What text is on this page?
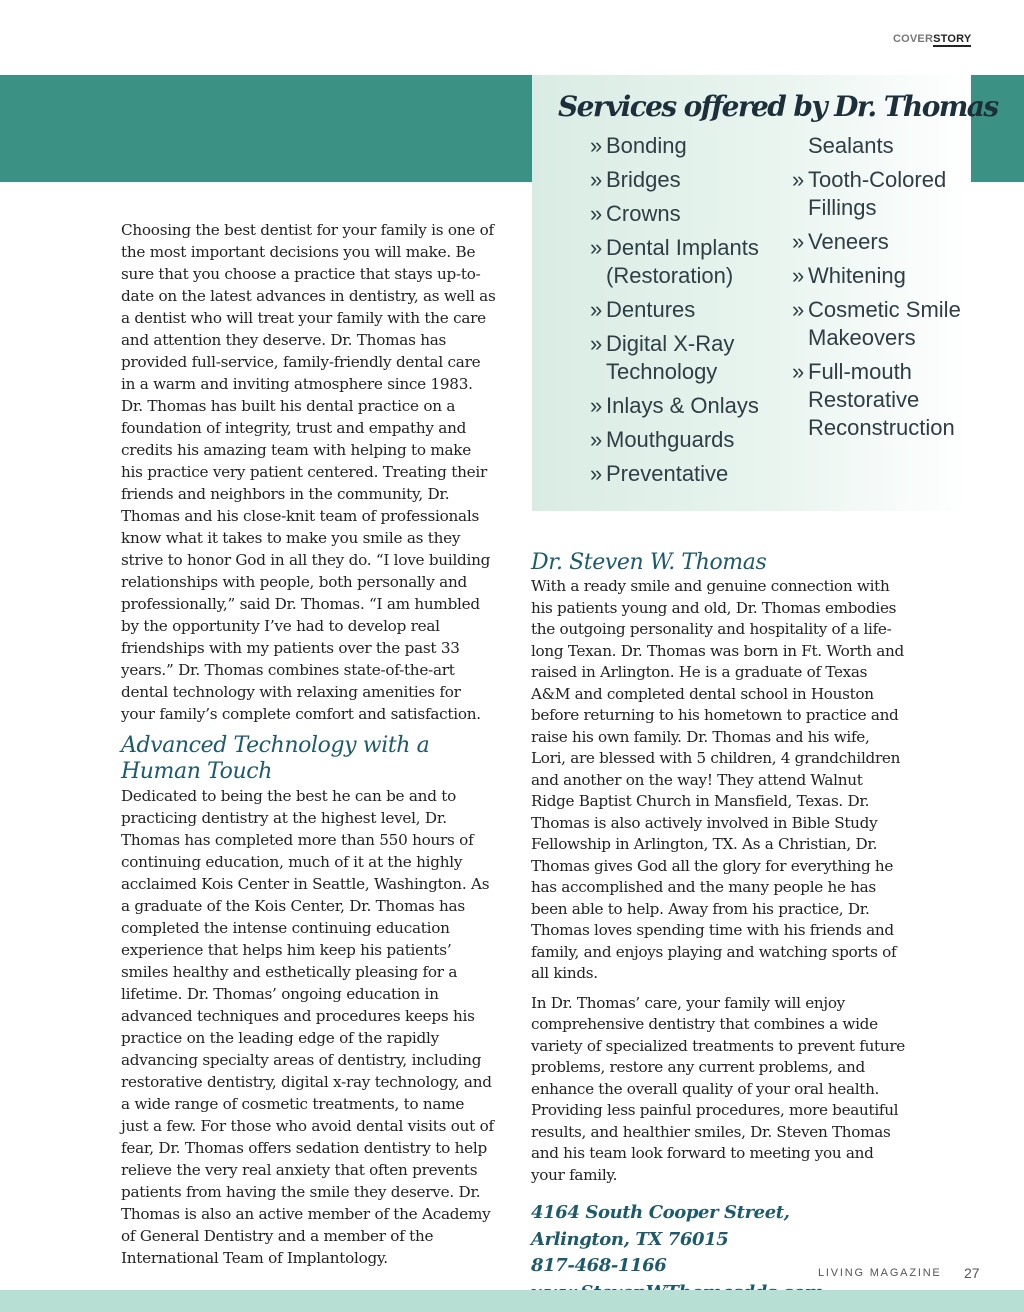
COVERSTORY
Services offered by Dr. Thomas
» Bonding
» Bridges
» Crowns
» Dental Implants (Restoration)
» Dentures
» Digital X-Ray Technology
» Inlays & Onlays
» Mouthguards
» Preventative
Sealants
» Tooth-Colored Fillings
» Veneers
» Whitening
» Cosmetic Smile Makeovers
» Full-mouth Restorative Reconstruction

Choosing the best dentist for your family is one of the most important decisions you will make. Be sure that you choose a practice that stays up-to-date on the latest advances in dentistry, as well as a dentist who will treat your family with the care and attention they deserve. Dr. Thomas has provided full-service, family-friendly dental care in a warm and inviting atmosphere since 1983. Dr. Thomas has built his dental practice on a foundation of integrity, trust and empathy and credits his amazing team with helping to make his practice very patient centered. Treating their friends and neighbors in the community, Dr. Thomas and his close-knit team of professionals know what it takes to make you smile as they strive to honor God in all they do. “I love building relationships with people, both personally and professionally,” said Dr. Thomas. “I am humbled by the opportunity I’ve had to develop real friendships with my patients over the past 33 years.” Dr. Thomas combines state-of-the-art dental technology with relaxing amenities for your family’s complete comfort and satisfaction.

Advanced Technology with a Human Touch

Dedicated to being the best he can be and to practicing dentistry at the highest level, Dr. Thomas has completed more than 550 hours of continuing education, much of it at the highly acclaimed Kois Center in Seattle, Washington. As a graduate of the Kois Center, Dr. Thomas has completed the intense continuing education experience that helps him keep his patients’ smiles healthy and esthetically pleasing for a lifetime. Dr. Thomas’ ongoing education in advanced techniques and procedures keeps his practice on the leading edge of the rapidly advancing specialty areas of dentistry, including restorative dentistry, digital x-ray technology, and a wide range of cosmetic treatments, to name just a few. For those who avoid dental visits out of fear, Dr. Thomas offers sedation dentistry to help relieve the very real anxiety that often prevents patients from having the smile they deserve. Dr. Thomas is also an active member of the Academy of General Dentistry and a member of the International Team of Implantology.

Dr. Steven W. Thomas

With a ready smile and genuine connection with his patients young and old, Dr. Thomas embodies the outgoing personality and hospitality of a life-long Texan. Dr. Thomas was born in Ft. Worth and raised in Arlington. He is a graduate of Texas A&M and completed dental school in Houston before returning to his hometown to practice and raise his own family. Dr. Thomas and his wife, Lori, are blessed with 5 children, 4 grandchildren and another on the way! They attend Walnut Ridge Baptist Church in Mansfield, Texas. Dr. Thomas is also actively involved in Bible Study Fellowship in Arlington, TX. As a Christian, Dr. Thomas gives God all the glory for everything he has accomplished and the many people he has been able to help. Away from his practice, Dr. Thomas loves spending time with his friends and family, and enjoys playing and watching sports of all kinds.

In Dr. Thomas’ care, your family will enjoy comprehensive dentistry that combines a wide variety of specialized treatments to prevent future problems, restore any current problems, and enhance the overall quality of your oral health. Providing less painful procedures, more beautiful results, and healthier smiles, Dr. Steven Thomas and his team look forward to meeting you and your family.

4164 South Cooper Street,
Arlington, TX 76015
817-468-1166	LIVING MAGAZINE 27
